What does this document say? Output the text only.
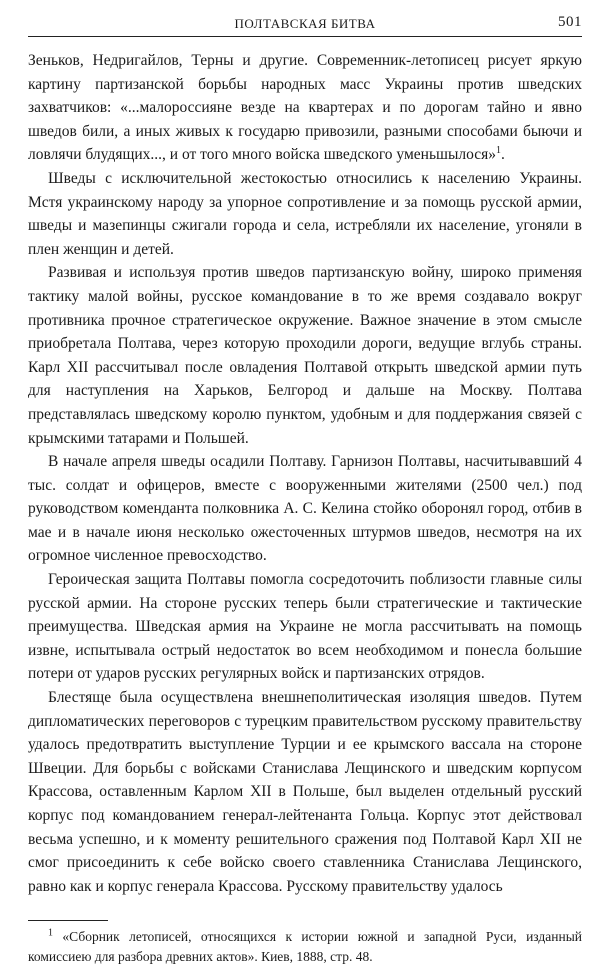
ПОЛТАВСКАЯ БИТВА	501

Зеньков, Недригайлов, Терны и другие. Современник-летописец рисует яркую картину партизанской борьбы народных масс Украины против шведских захватчиков: «...малороссияне везде на квартерах и по дорогам тайно и явно шведов били, а иных живых к государю привозили, разными способами быючи и ловлячи блудящих..., и от того много войска шведского уменьшылося»$^1$.

Шведы с исключительной жестокостью относились к населению Украины. Мстя украинскому народу за упорное сопротивление и за помощь русской армии, шведы и мазепинцы сжигали города и села, истребляли их население, угоняли в плен женщин и детей.

Развивая и используя против шведов партизанскую войну, широко применяя тактику малой войны, русское командование в то же время создавало вокруг противника прочное стратегическое окружение. Важное значение в этом смысле приобретала Полтава, через которую проходили дороги, ведущие вглубь страны. Карл XII рассчитывал после овладения Полтавой открыть шведской армии путь для наступления на Харьков, Белгород и дальше на Москву. Полтава представлялась шведскому королю пунктом, удобным и для поддержания связей с крымскими татарами и Польшей.

В начале апреля шведы осадили Полтаву. Гарнизон Полтавы, насчитывавший 4 тыс. солдат и офицеров, вместе с вооруженными жителями (2500 чел.) под руководством коменданта полковника А. С. Келина стойко оборонял город, отбив в мае и в начале июня несколько ожесточенных штурмов шведов, несмотря на их огромное численное превосходство.

Героическая защита Полтавы помогла сосредоточить поблизости главные силы русской армии. На стороне русских теперь были стратегические и тактические преимущества. Шведская армия на Украине не могла рассчитывать на помощь извне, испытывала острый недостаток во всем необходимом и понесла большие потери от ударов русских регулярных войск и партизанских отрядов.

Блестяще была осуществлена внешнеполитическая изоляция шведов. Путем дипломатических переговоров с турецким правительством русскому правительству удалось предотвратить выступление Турции и ее крымского вассала на стороне Швеции. Для борьбы с войсками Станислава Лещинского и шведским корпусом Крассова, оставленным Карлом XII в Польше, был выделен отдельный русский корпус под командованием генерал-лейтенанта Гольца. Корпус этот действовал весьма успешно, и к моменту решительного сражения под Полтавой Карл XII не смог присоединить к себе войско своего ставленника Станислава Лещинского, равно как и корпус генерала Крассова. Русскому правительству удалось

$^1$ «Сборник летописей, относящихся к истории южной и западной Руси, изданный комиссиею для разбора древних актов». Киев, 1888, стр. 48.
